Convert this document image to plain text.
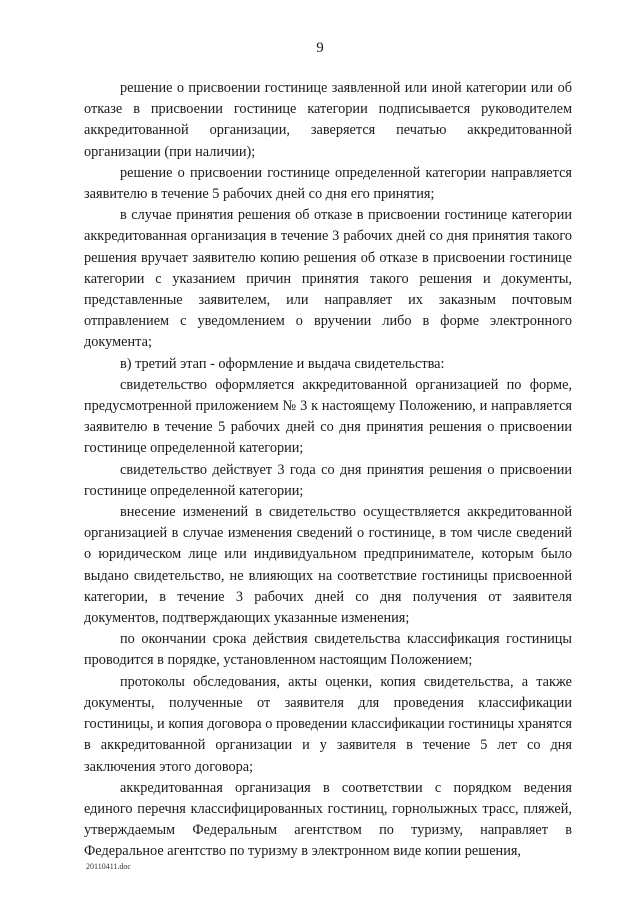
9

решение о присвоении гостинице заявленной или иной категории или об отказе в присвоении гостинице категории подписывается руководителем аккредитованной организации, заверяется печатью аккредитованной организации (при наличии);

решение о присвоении гостинице определенной категории направляется заявителю в течение 5 рабочих дней со дня его принятия;

в случае принятия решения об отказе в присвоении гостинице категории аккредитованная организация в течение 3 рабочих дней со дня принятия такого решения вручает заявителю копию решения об отказе в присвоении гостинице категории с указанием причин принятия такого решения и документы, представленные заявителем, или направляет их заказным почтовым отправлением с уведомлением о вручении либо в форме электронного документа;

в) третий этап - оформление и выдача свидетельства:

свидетельство оформляется аккредитованной организацией по форме, предусмотренной приложением № 3 к настоящему Положению, и направляется заявителю в течение 5 рабочих дней со дня принятия решения о присвоении гостинице определенной категории;

свидетельство действует 3 года со дня принятия решения о присвоении гостинице определенной категории;

внесение изменений в свидетельство осуществляется аккредитованной организацией в случае изменения сведений о гостинице, в том числе сведений о юридическом лице или индивидуальном предпринимателе, которым было выдано свидетельство, не влияющих на соответствие гостиницы присвоенной категории, в течение 3 рабочих дней со дня получения от заявителя документов, подтверждающих указанные изменения;

по окончании срока действия свидетельства классификация гостиницы проводится в порядке, установленном настоящим Положением;

протоколы обследования, акты оценки, копия свидетельства, а также документы, полученные от заявителя для проведения классификации гостиницы, и копия договора о проведении классификации гостиницы хранятся в аккредитованной организации и у заявителя в течение 5 лет со дня заключения этого договора;

аккредитованная организация в соответствии с порядком ведения единого перечня классифицированных гостиниц, горнолыжных трасс, пляжей, утверждаемым Федеральным агентством по туризму, направляет в Федеральное агентство по туризму в электронном виде копии решения,

20110411.doc
